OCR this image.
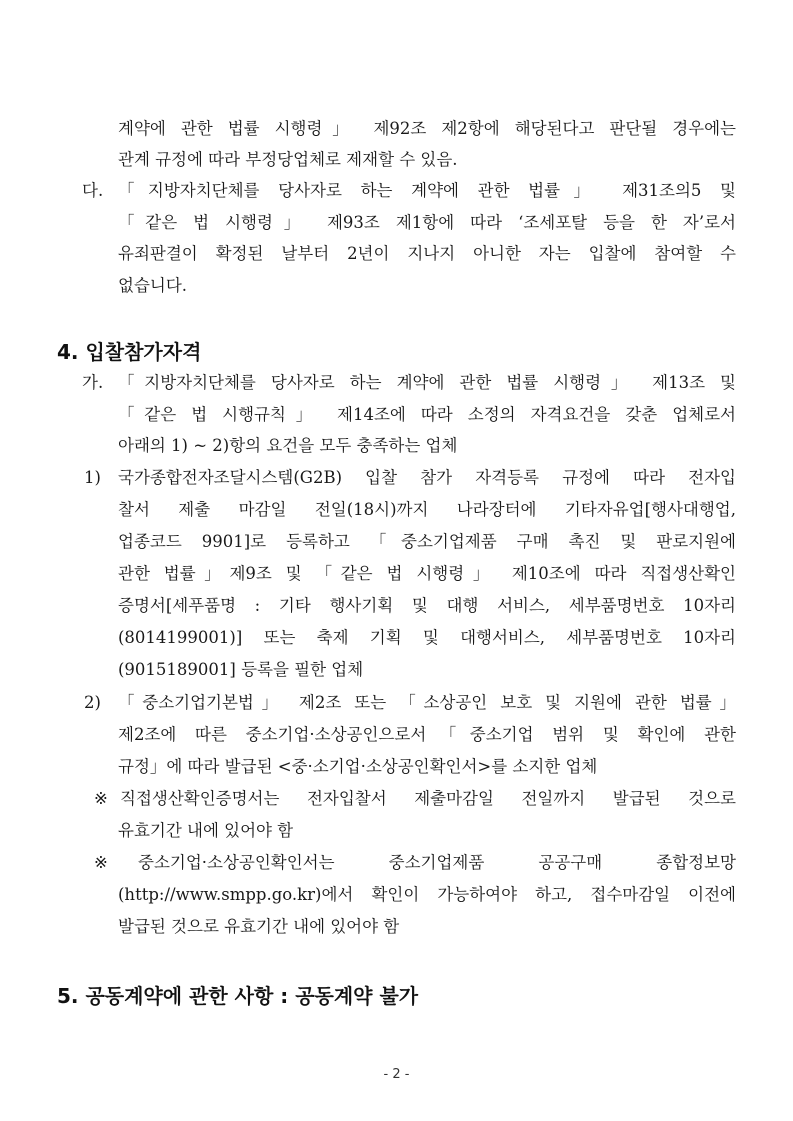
계약에 관한 법률 시행령」 제92조 제2항에 해당된다고 판단될 경우에는
관계 규정에 따라 부정당업체로 제재할 수 있음.
다. 「지방자치단체를 당사자로 하는 계약에 관한 법률」 제31조의5 및
「같은 법 시행령」 제93조 제1항에 따라 ‘조세포탈 등을 한 자’로서
유죄판결이 확정된 날부터 2년이 지나지 아니한 자는 입찰에 참여할 수
없습니다.
4. 입찰참가자격
가. 「지방자치단체를 당사자로 하는 계약에 관한 법률 시행령」 제13조 및
「같은 법 시행규칙」 제14조에 따라 소정의 자격요건을 갖춘 업체로서
아래의 1) ~ 2)항의 요건을 모두 충족하는 업체
1) 국가종합전자조달시스템(G2B) 입찰 참가 자격등록 규정에 따라 전자입
찰서 제출 마감일 전일(18시)까지 나라장터에 기타자유업[행사대행업,
업종코드 9901]로 등록하고 「중소기업제품 구매 촉진 및 판로지원에
관한 법률」제9조 및 「같은 법 시행령」 제10조에 따라 직접생산확인
증명서[세푸품명 : 기타 행사기획 및 대행 서비스, 세부품명번호 10자리
(8014199001)] 또는 축제 기획 및 대행서비스, 세부품명번호 10자리
(9015189001] 등록을 필한 업체
2) 「중소기업기본법」 제2조 또는 「소상공인 보호 및 지원에 관한 법률」
제2조에 따른 중소기업·소상공인으로서「중소기업 범위 및 확인에 관한
규정」에 따라 발급된 <중·소기업·소상공인확인서>를 소지한 업체
※ 직접생산확인증명서는 전자입찰서 제출마감일 전일까지 발급된 것으로
유효기간 내에 있어야 함
※ 중소기업·소상공인확인서는 중소기업제품 공공구매 종합정보망
(http://www.smpp.go.kr)에서 확인이 가능하여야 하고, 접수마감일 이전에
발급된 것으로 유효기간 내에 있어야 함
5. 공동계약에 관한 사항 : 공동계약 불가
- 2 -
